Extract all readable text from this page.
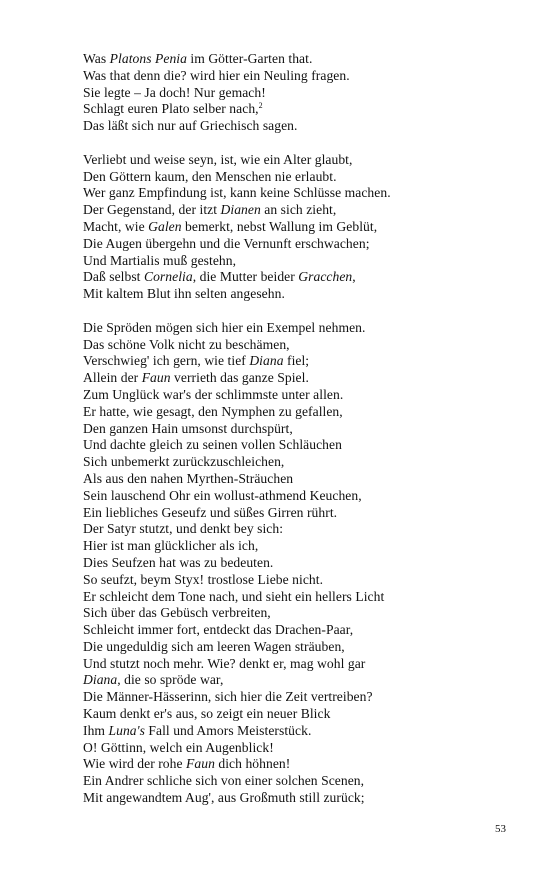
Was Platons Penia im Götter-Garten that.
Was that denn die? wird hier ein Neuling fragen.
Sie legte – Ja doch! Nur gemach!
Schlagt euren Plato selber nach,$^2$
Das läßt sich nur auf Griechisch sagen.
Verliebt und weise seyn, ist, wie ein Alter glaubt,
Den Göttern kaum, den Menschen nie erlaubt.
Wer ganz Empfindung ist, kann keine Schlüsse machen.
Der Gegenstand, der itzt Dianen an sich zieht,
Macht, wie Galen bemerkt, nebst Wallung im Geblüt,
Die Augen übergehn und die Vernunft erschwachen;
Und Martialis muß gestehn,
Daß selbst Cornelia, die Mutter beider Gracchen,
Mit kaltem Blut ihn selten angesehn.
Die Spröden mögen sich hier ein Exempel nehmen.
Das schöne Volk nicht zu beschämen,
Verschwieg' ich gern, wie tief Diana fiel;
Allein der Faun verrieth das ganze Spiel.
Zum Unglück war's der schlimmste unter allen.
Er hatte, wie gesagt, den Nymphen zu gefallen,
Den ganzen Hain umsonst durchspürt,
Und dachte gleich zu seinen vollen Schläuchen
Sich unbemerkt zurückzuschleichen,
Als aus den nahen Myrthen-Sträuchen
Sein lauschend Ohr ein wollust-athmend Keuchen,
Ein liebliches Geseufz und süßes Girren rührt.
Der Satyr stutzt, und denkt bey sich:
Hier ist man glücklicher als ich,
Dies Seufzen hat was zu bedeuten.
So seufzt, beym Styx! trostlose Liebe nicht.
Er schleicht dem Tone nach, und sieht ein hellers Licht
Sich über das Gebüsch verbreiten,
Schleicht immer fort, entdeckt das Drachen-Paar,
Die ungeduldig sich am leeren Wagen sträuben,
Und stutzt noch mehr. Wie? denkt er, mag wohl gar
Diana, die so spröde war,
Die Männer-Hässerinn, sich hier die Zeit vertreiben?
Kaum denkt er's aus, so zeigt ein neuer Blick
Ihm Luna's Fall und Amors Meisterstück.
O! Göttinn, welch ein Augenblick!
Wie wird der rohe Faun dich höhnen!
Ein Andrer schliche sich von einer solchen Scenen,
Mit angewandtem Aug', aus Großmuth still zurück;
53
